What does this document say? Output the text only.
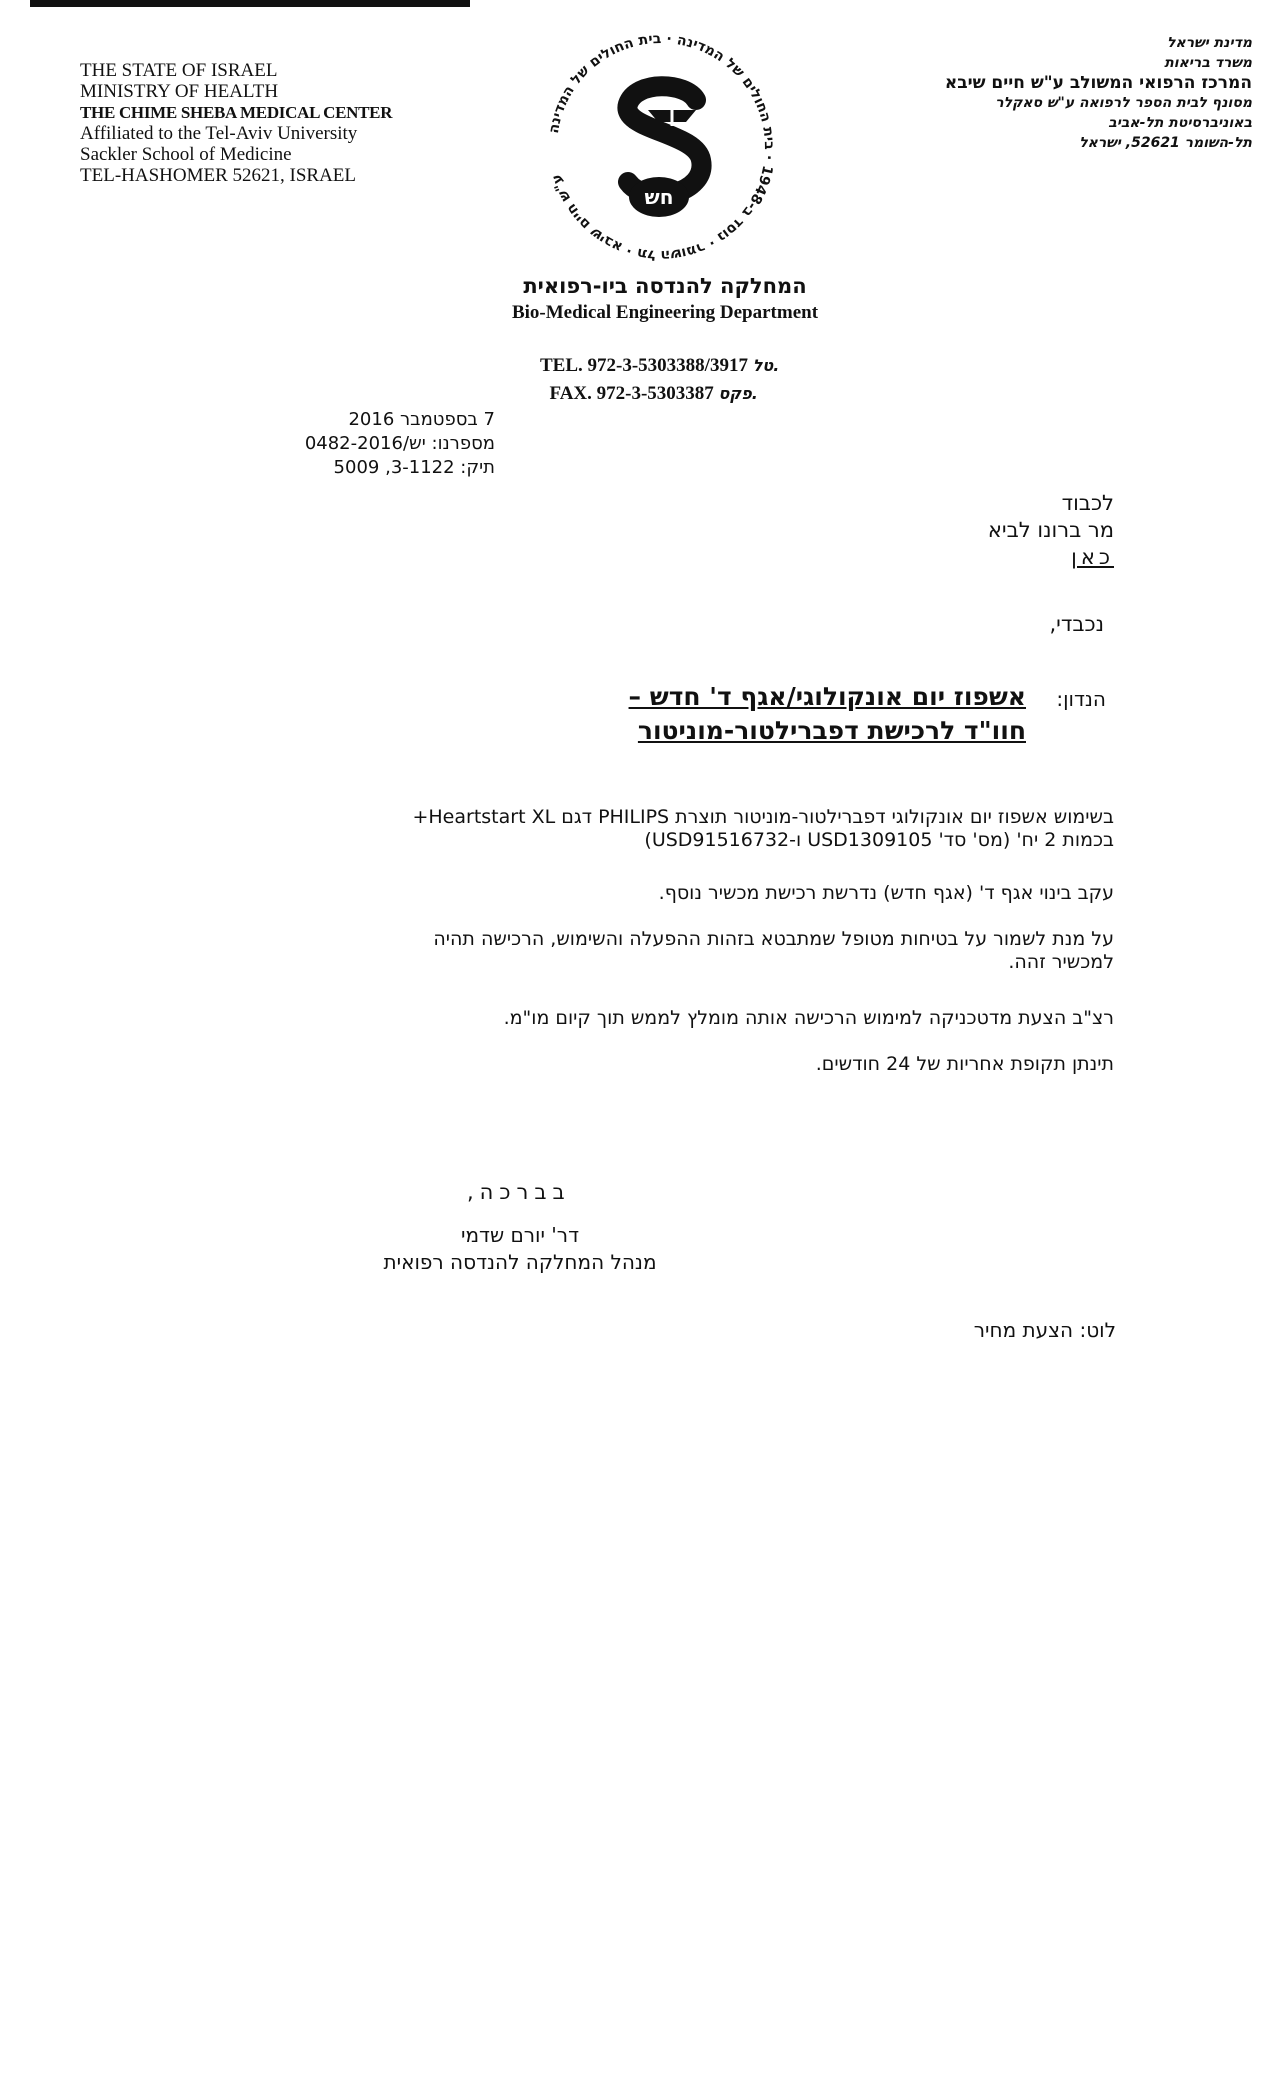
THE STATE OF ISRAEL
MINISTRY OF HEALTH
THE CHIME SHEBA MEDICAL CENTER
Affiliated to the Tel-Aviv University
Sackler School of Medicine
TEL-HASHOMER 52621, ISRAEL
מדינת ישראל
משרד בריאות
המרכז הרפואי המשולב ע"ש חיים שיבא
מסונף לבית הספר לרפואה ע"ש סאקלר
באוניברסיטת תל-אביב
תל-השומר 52621, ישראל
ע"ש חיים שיבא · תל השומר · נוסד ב-1948 · בית החולים של המדינה · בית החולים של המדינה
חש
המחלקה להנדסה ביו-רפואית
Bio-Medical Engineering Department
TEL. 972-3-5303388/3917 טל.
FAX. 972-3-5303387 פקס.
7 בספטמבר 2016
מספרנו: יש/0482-2016
תיק: 3-1122, 5009
לכבוד
מר ברונו לביא
כאן
נכבדי,
הנדון:
אשפוז יום אונקולוגי/אגף ד' חדש –
חוו"ד לרכישת דפברילטור-מוניטור
בשימוש אשפוז יום אונקולוגי דפברילטור-מוניטור תוצרת PHILIPS דגם Heartstart XL+
בכמות 2 יח' (מס' סד' USD1309105 ו-USD91516732)
עקב בינוי אגף ד' (אגף חדש) נדרשת רכישת מכשיר נוסף.
על מנת לשמור על בטיחות מטופל שמתבטא בזהות ההפעלה והשימוש, הרכישה תהיה
למכשיר זהה.
רצ"ב הצעת מדטכניקה למימוש הרכישה אותה מומלץ לממש תוך קיום מו"מ.
תינתן תקופת אחריות של 24 חודשים.
בברכה,
דר' יורם שדמי
מנהל המחלקה להנדסה רפואית
לוט: הצעת מחיר
